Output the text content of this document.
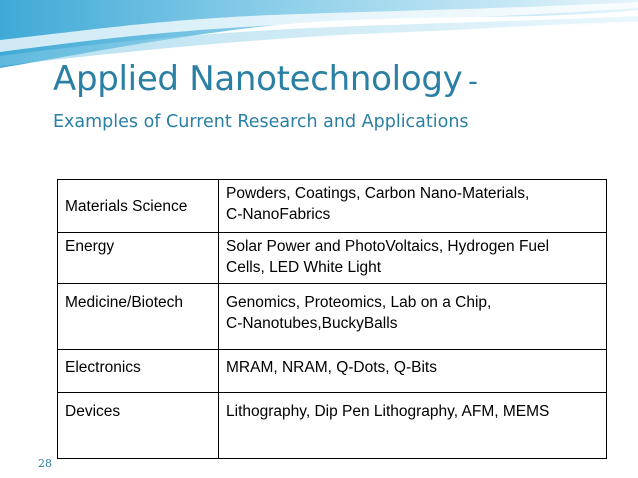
Applied Nanotechnology –

Examples of Current Research and Applications

Materials Science	Powders, Coatings, Carbon Nano-Materials,
C-NanoFabrics

Energy	Solar Power and PhotoVoltaics, Hydrogen Fuel
Cells, LED White Light

Medicine/Biotech	Genomics, Proteomics, Lab on a Chip,
C-Nanotubes,BuckyBalls

Electronics	MRAM, NRAM, Q-Dots, Q-Bits

Devices	Lithography, Dip Pen Lithography, AFM, MEMS
28
